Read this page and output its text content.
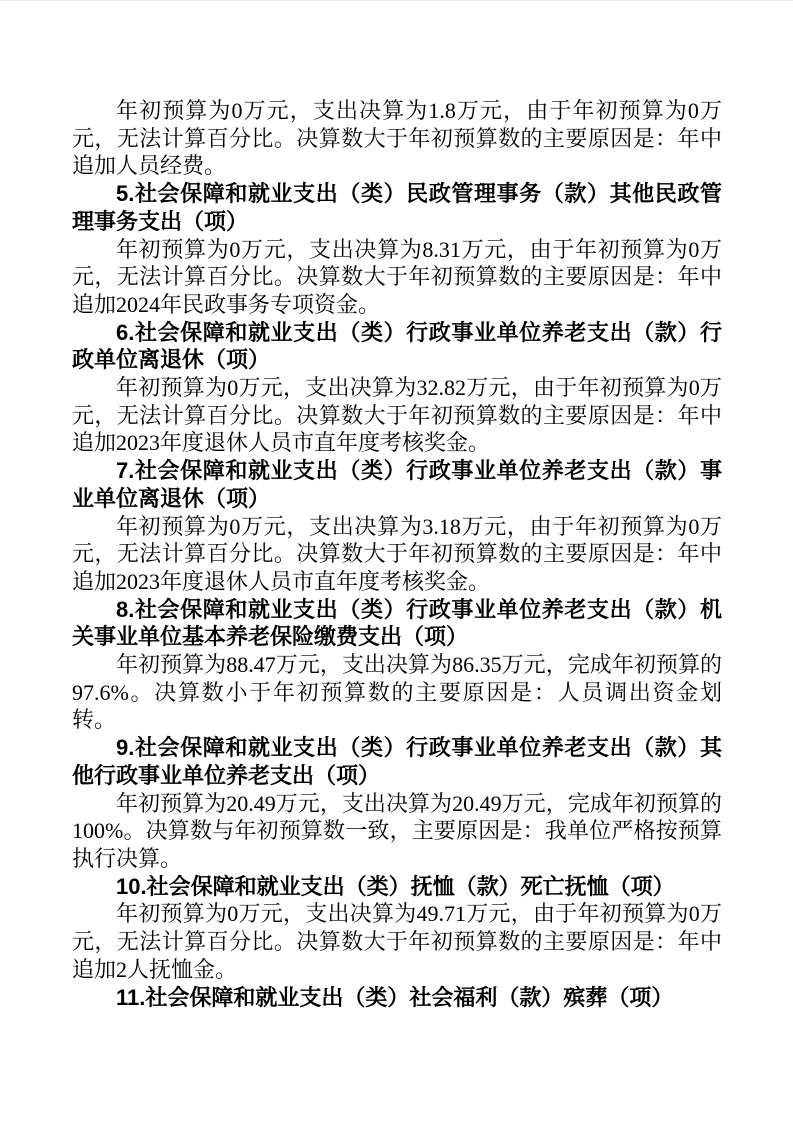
年初预算为0万元，支出决算为1.8万元，由于年初预算为0万元，无法计算百分比。决算数大于年初预算数的主要原因是：年中追加人员经费。

5.社会保障和就业支出（类）民政管理事务（款）其他民政管理事务支出（项）

年初预算为0万元，支出决算为8.31万元，由于年初预算为0万元，无法计算百分比。决算数大于年初预算数的主要原因是：年中追加2024年民政事务专项资金。

6.社会保障和就业支出（类）行政事业单位养老支出（款）行政单位离退休（项）

年初预算为0万元，支出决算为32.82万元，由于年初预算为0万元，无法计算百分比。决算数大于年初预算数的主要原因是：年中追加2023年度退休人员市直年度考核奖金。

7.社会保障和就业支出（类）行政事业单位养老支出（款）事业单位离退休（项）

年初预算为0万元，支出决算为3.18万元，由于年初预算为0万元，无法计算百分比。决算数大于年初预算数的主要原因是：年中追加2023年度退休人员市直年度考核奖金。

8.社会保障和就业支出（类）行政事业单位养老支出（款）机关事业单位基本养老保险缴费支出（项）

年初预算为88.47万元，支出决算为86.35万元，完成年初预算的97.6%。决算数小于年初预算数的主要原因是：人员调出资金划转。

9.社会保障和就业支出（类）行政事业单位养老支出（款）其他行政事业单位养老支出（项）

年初预算为20.49万元，支出决算为20.49万元，完成年初预算的100%。决算数与年初预算数一致，主要原因是：我单位严格按预算执行决算。

10.社会保障和就业支出（类）抚恤（款）死亡抚恤（项）

年初预算为0万元，支出决算为49.71万元，由于年初预算为0万元，无法计算百分比。决算数大于年初预算数的主要原因是：年中追加2人抚恤金。

11.社会保障和就业支出（类）社会福利（款）殡葬（项）
